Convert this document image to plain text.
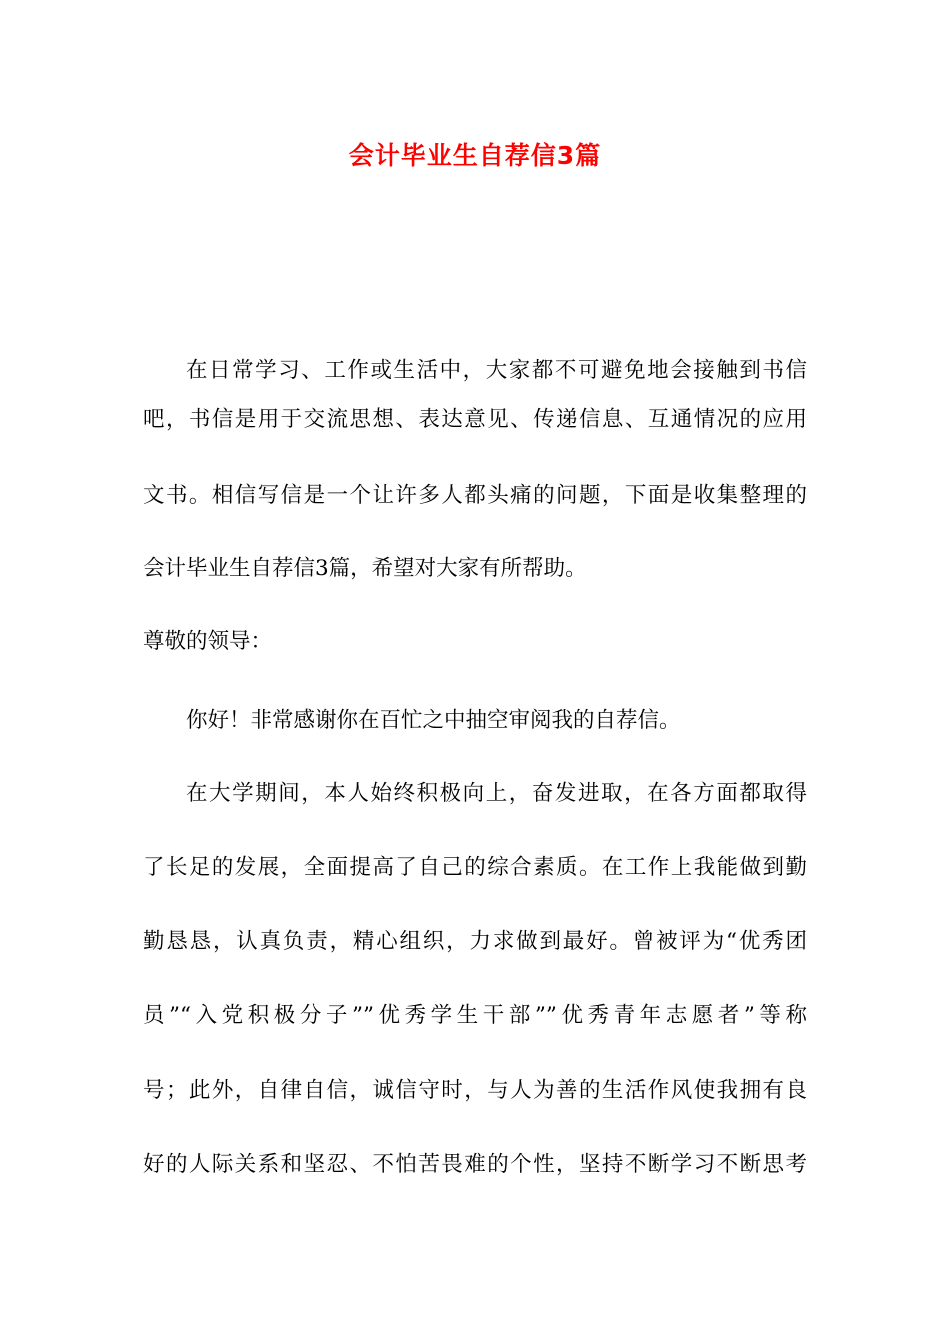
会计毕业生自荐信3篇
在日常学习、工作或生活中，大家都不可避免地会接触到书信
吧，书信是用于交流思想、表达意见、传递信息、互通情况的应用
文书。相信写信是一个让许多人都头痛的问题，下面是收集整理的
会计毕业生自荐信3篇，希望对大家有所帮助。
尊敬的领导：
你好！非常感谢你在百忙之中抽空审阅我的自荐信。
在大学期间，本人始终积极向上，奋发进取，在各方面都取得
了长足的发展，全面提高了自己的综合素质。在工作上我能做到勤
勤恳恳，认真负责，精心组织，力求做到最好。曾被评为“优秀团
员”“入党积极分子””优秀学生干部””优秀青年志愿者”等称
号；此外，自律自信，诚信守时，与人为善的生活作风使我拥有良
好的人际关系和坚忍、不怕苦畏难的个性，坚持不断学习不断思考
